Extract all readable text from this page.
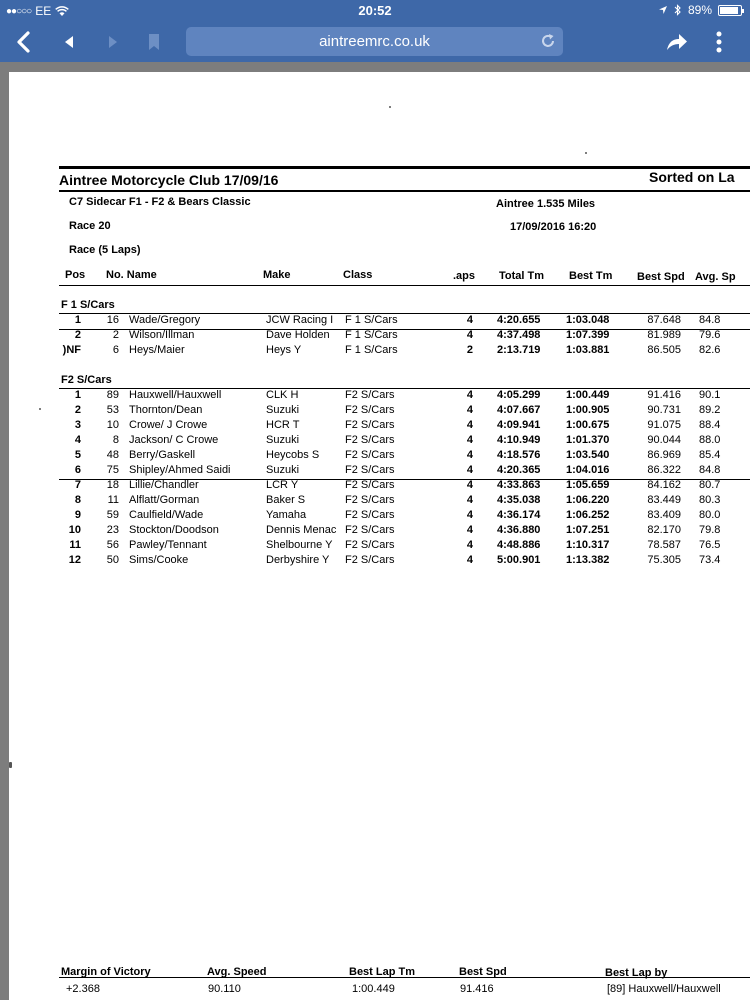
●●○○○ EE	20:52	89%
aintreemrc.co.uk
Aintree Motorcycle Club 17/09/16	Sorted on La
C7 Sidecar F1 - F2 & Bears Classic	Aintree 1.535 Miles
Race 20	17/09/2016 16:20
Race (5 Laps)
Pos No. Name	Make	Class	.aps Total Tm Best Tm Best Spd Avg. Sp
F 1 S/Cars
1	16 Wade/Gregory	JCW Racing I	F 1 S/Cars	4 4:20.655	1:03.048	87.648 84.8
2	2 Wilson/Illman	Dave Holden	F 1 S/Cars	4 4:37.498	1:07.399	81.989 79.6
)NF	6 Heys/Maier	Heys Y	F 1 S/Cars	2 2:13.719	1:03.881	86.505 82.6
F2 S/Cars
1	89 Hauxwell/Hauxwell	CLK H	F2 S/Cars	4 4:05.299	1:00.449	91.416 90.1
2	53 Thornton/Dean	Suzuki	F2 S/Cars	4 4:07.667	1:00.905	90.731 89.2
3	10 Crowe/ J Crowe	HCR T	F2 S/Cars	4 4:09.941	1:00.675	91.075 88.4
4	8 Jackson/ C Crowe	Suzuki	F2 S/Cars	4 4:10.949	1:01.370	90.044 88.0
5	48 Berry/Gaskell	Heycobs S	F2 S/Cars	4 4:18.576	1:03.540	86.969 85.4
6	75 Shipley/Ahmed Saidi	Suzuki	F2 S/Cars	4 4:20.365	1:04.016	86.322 84.8
7	18 Lillie/Chandler	LCR Y	F2 S/Cars	4 4:33.863	1:05.659	84.162 80.7
8	11 Alflatt/Gorman	Baker S	F2 S/Cars	4 4:35.038	1:06.220	83.449 80.3
9	59 Caulfield/Wade	Yamaha	F2 S/Cars	4 4:36.174	1:06.252	83.409 80.0
10	23 Stockton/Doodson	Dennis Menac F2 S/Cars	4 4:36.880	1:07.251	82.170 79.8
11	56 Pawley/Tennant	Shelbourne Y	F2 S/Cars	4 4:48.886	1:10.317	78.587 76.5
12	50 Sims/Cooke	Derbyshire Y	F2 S/Cars	4 5:00.901	1:13.382	75.305 73.4
Margin of Victory	Avg. Speed	Best Lap Tm	Best Spd	Best Lap by
+2.368	90.110	1:00.449	91.416	[89] Hauxwell/Hauxwell
